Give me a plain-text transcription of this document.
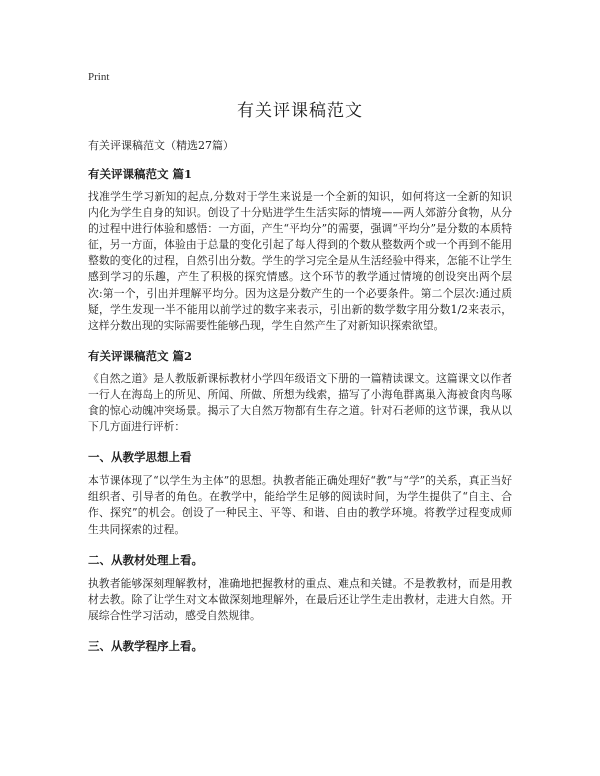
Print
有关评课稿范文
有关评课稿范文（精选27篇）
有关评课稿范文 篇1

找准学生学习新知的起点,分数对于学生来说是一个全新的知识，如何将这一全新的知识内化为学生自身的知识。创设了十分贴进学生生活实际的情境——两人郊游分食物，从分的过程中进行体验和感悟：一方面，产生“平均分”的需要，强调“平均分”是分数的本质特征，另一方面，体验由于总量的变化引起了每人得到的个数从整数两个或一个再到不能用整数的变化的过程，自然引出分数。学生的学习完全是从生活经验中得来，怎能不让学生感到学习的乐趣，产生了积极的探究情感。这个环节的教学通过情境的创设突出两个层次:第一个，引出并理解平均分。因为这是分数产生的一个必要条件。第二个层次:通过质疑，学生发现一半不能用以前学过的数字来表示，引出新的数学数字用分数1/2来表示，这样分数出现的实际需要性能够凸现，学生自然产生了对新知识探索欲望。

有关评课稿范文 篇2

《自然之道》是人教版新课标教材小学四年级语文下册的一篇精读课文。这篇课文以作者一行人在海岛上的所见、所闻、所做、所想为线索，描写了小海龟群离巢入海被食肉鸟啄食的惊心动魄冲突场景。揭示了大自然万物都有生存之道。针对石老师的这节课，我从以下几方面进行评析：

一、从教学思想上看

本节课体现了“以学生为主体”的思想。执教者能正确处理好“教”与“学”的关系，真正当好组织者、引导者的角色。在教学中，能给学生足够的阅读时间，为学生提供了“自主、合作、探究”的机会。创设了一种民主、平等、和谐、自由的教学环境。将教学过程变成师生共同探索的过程。

二、从教材处理上看。

执教者能够深刻理解教材，准确地把握教材的重点、难点和关键。不是教教材，而是用教材去教。除了让学生对文本做深刻地理解外，在最后还让学生走出教材，走进大自然。开展综合性学习活动，感受自然规律。

三、从教学程序上看。
